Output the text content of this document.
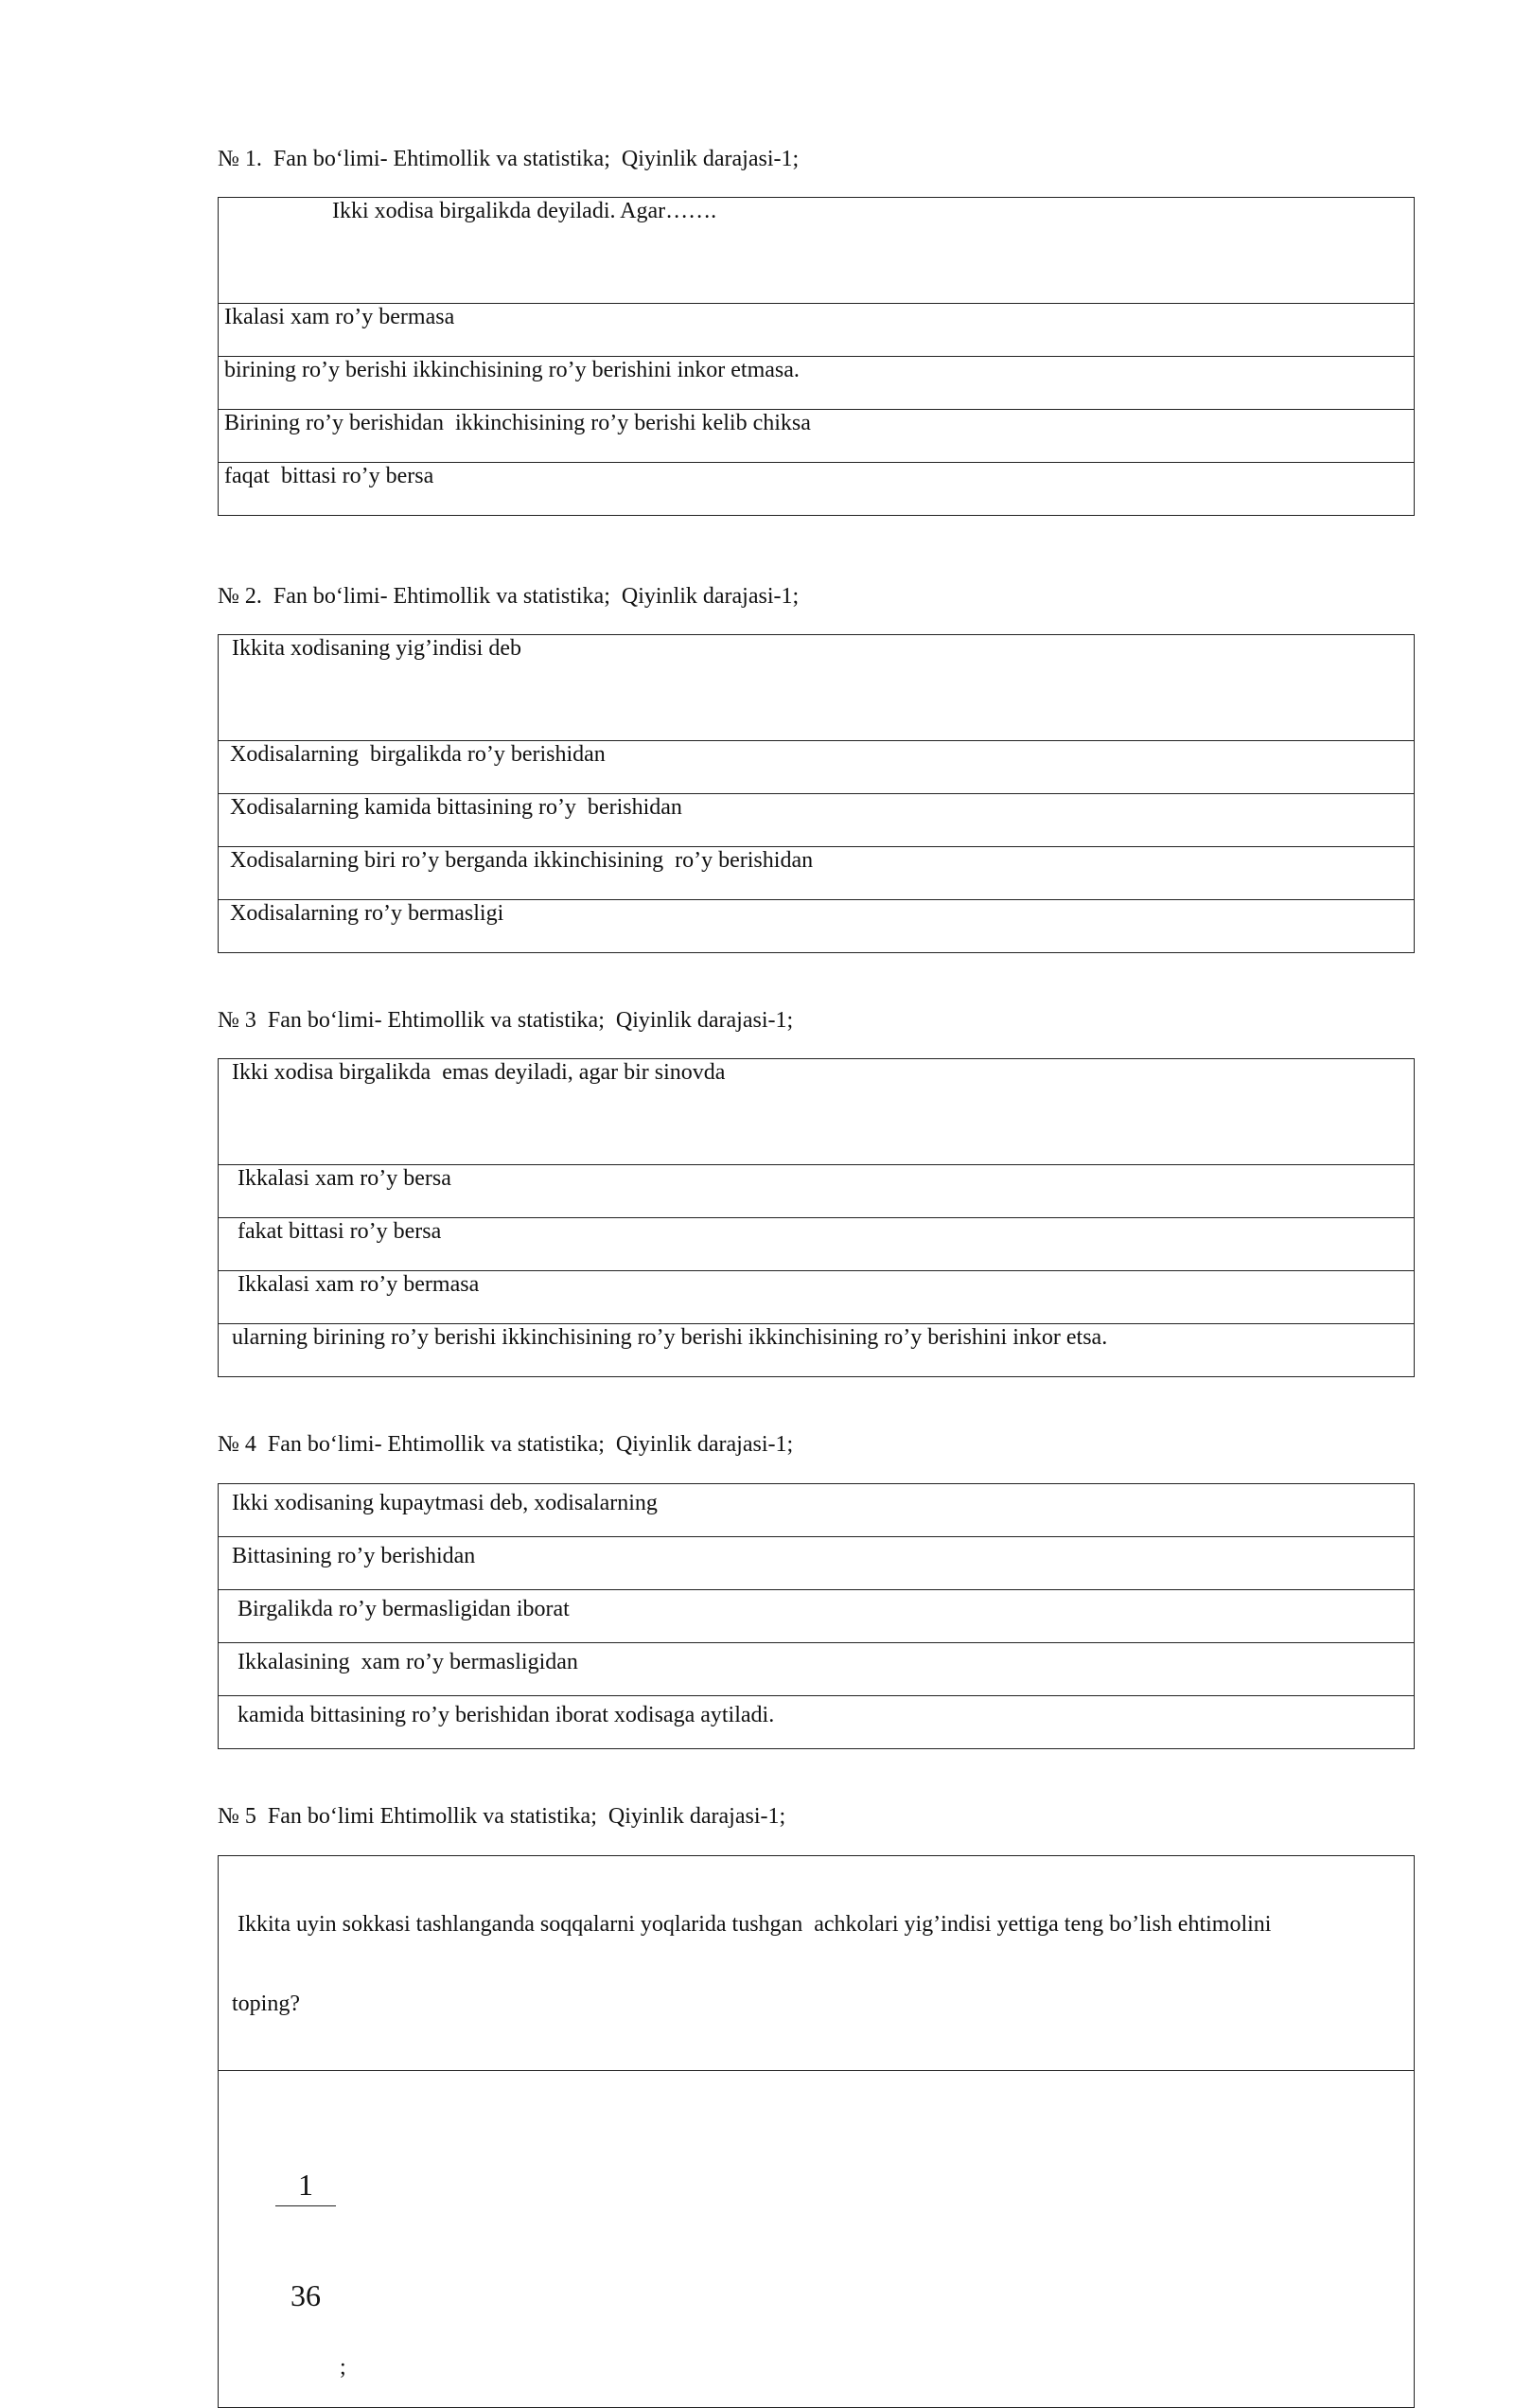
№ 1.  Fan bo‘limi- Ehtimollik va statistika;  Qiyinlik darajasi-1;
Ikki xodisa birgalikda deyiladi. Agar…….
Ikalasi xam ro’y bermasa
birining ro’y berishi ikkinchisining ro’y berishini inkor etmasa.
Birining ro’y berishidan  ikkinchisining ro’y berishi kelib chiksa
faqat  bittasi ro’y bersa
№ 2.  Fan bo‘limi- Ehtimollik va statistika;  Qiyinlik darajasi-1;
Ikkita xodisaning yig’indisi deb
Xodisalarning  birgalikda ro’y berishidan
Xodisalarning kamida bittasining ro’y  berishidan
Xodisalarning biri ro’y berganda ikkinchisining  ro’y berishidan
Xodisalarning ro’y bermasligi
№ 3  Fan bo‘limi- Ehtimollik va statistika;  Qiyinlik darajasi-1;
Ikki xodisa birgalikda  emas deyiladi, agar bir sinovda
Ikkalasi xam ro’y bersa
fakat bittasi ro’y bersa
Ikkalasi xam ro’y bermasa
ularning birining ro’y berishi ikkinchisining ro’y berishi ikkinchisining ro’y berishini inkor etsa.
№ 4  Fan bo‘limi- Ehtimollik va statistika;  Qiyinlik darajasi-1;
Ikki xodisaning kupaytmasi deb, xodisalarning
Bittasining ro’y berishidan
Birgalikda ro’y bermasligidan iborat
Ikkalasining  xam ro’y bermasligidan
kamida bittasining ro’y berishidan iborat xodisaga aytiladi.
№ 5  Fan bo‘limi Ehtimollik va statistika;  Qiyinlik darajasi-1;

Ikkita uyin sokkasi tashlanganda soqqalarni yoqlarida tushgan  achkolari yig’indisi yettiga teng bo’lish ehtimolini

toping?

$\frac{1}{36}$ ;
